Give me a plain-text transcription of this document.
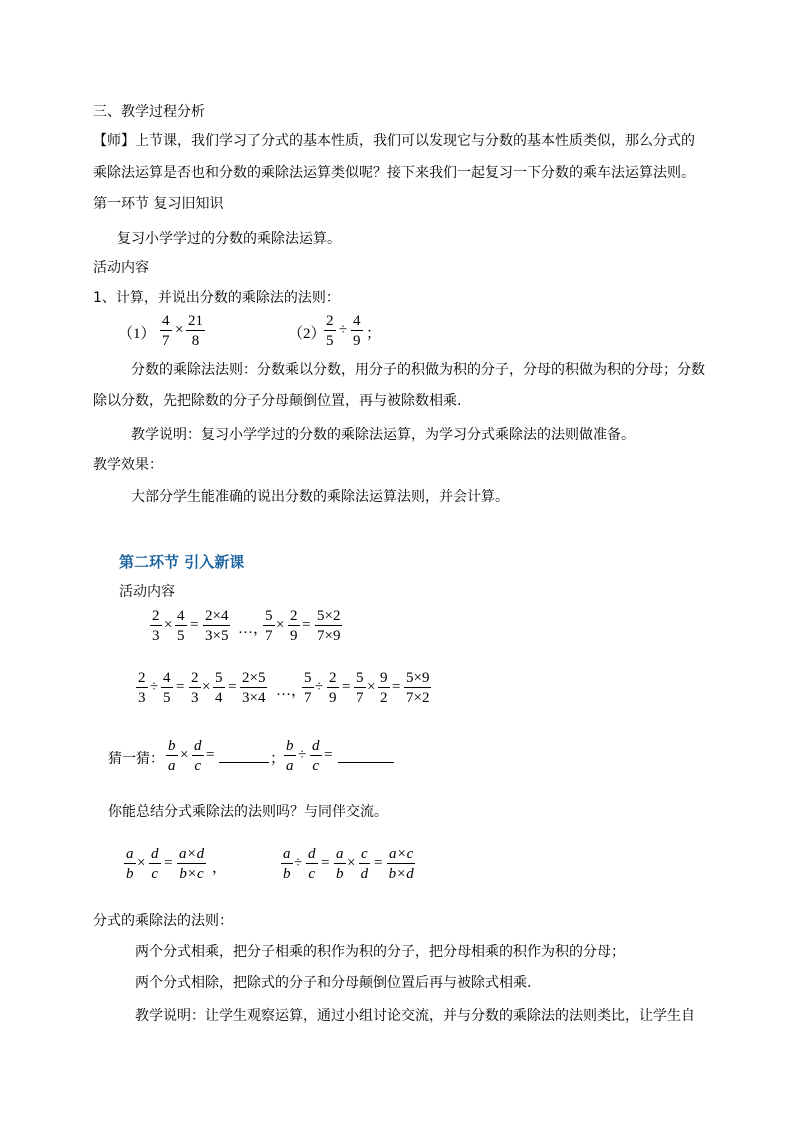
三、教学过程分析
【师】上节课，我们学习了分式的基本性质，我们可以发现它与分数的基本性质类似，那么分式的
乘除法运算是否也和分数的乘除法运算类似呢？接下来我们一起复习一下分数的乘车法运算法则。
第一环节 复习旧知识
复习小学学过的分数的乘除法运算。
活动内容
1、计算，并说出分数的乘除法的法则：
（1）
4
7
×
21
8	（2）
2
5
÷
4
9 ；
分数的乘除法法则：分数乘以分数，用分子的积做为积的分子，分母的积做为积的分母；分数
除以分数，先把除数的分子分母颠倒位置，再与被除数相乘.
教学说明：复习小学学过的分数的乘除法运算，为学习分式乘除法的法则做准备。
教学效果：
大部分学生能准确的说出分数的乘除法运算法则，并会计算。
第二环节 引入新课
活动内容
2
3
×
4
5
=
2×4
3×5 …，
5
7
×
2
9
=
5×2
7×9
2
3
÷
4
5
=
2
3
×
5
4
=
2×5
3×4 …，
5
7
÷
2
9
=
5
7
×
9
2
=
5×9
7×2
猜一猜：
b
a
×
d
c
=	；
b
a
÷
d
c
=
你能总结分式乘除法的法则吗？与同伴交流。
a
b
×
d
c
=
a×d
b×c ，
a
b
÷
d
c
=
a
b
×
c
d
=
a×c
b×d
分式的乘除法的法则：
两个分式相乘，把分子相乘的积作为积的分子，把分母相乘的积作为积的分母；
两个分式相除，把除式的分子和分母颠倒位置后再与被除式相乘.
教学说明：让学生观察运算，通过小组讨论交流，并与分数的乘除法的法则类比，让学生自
